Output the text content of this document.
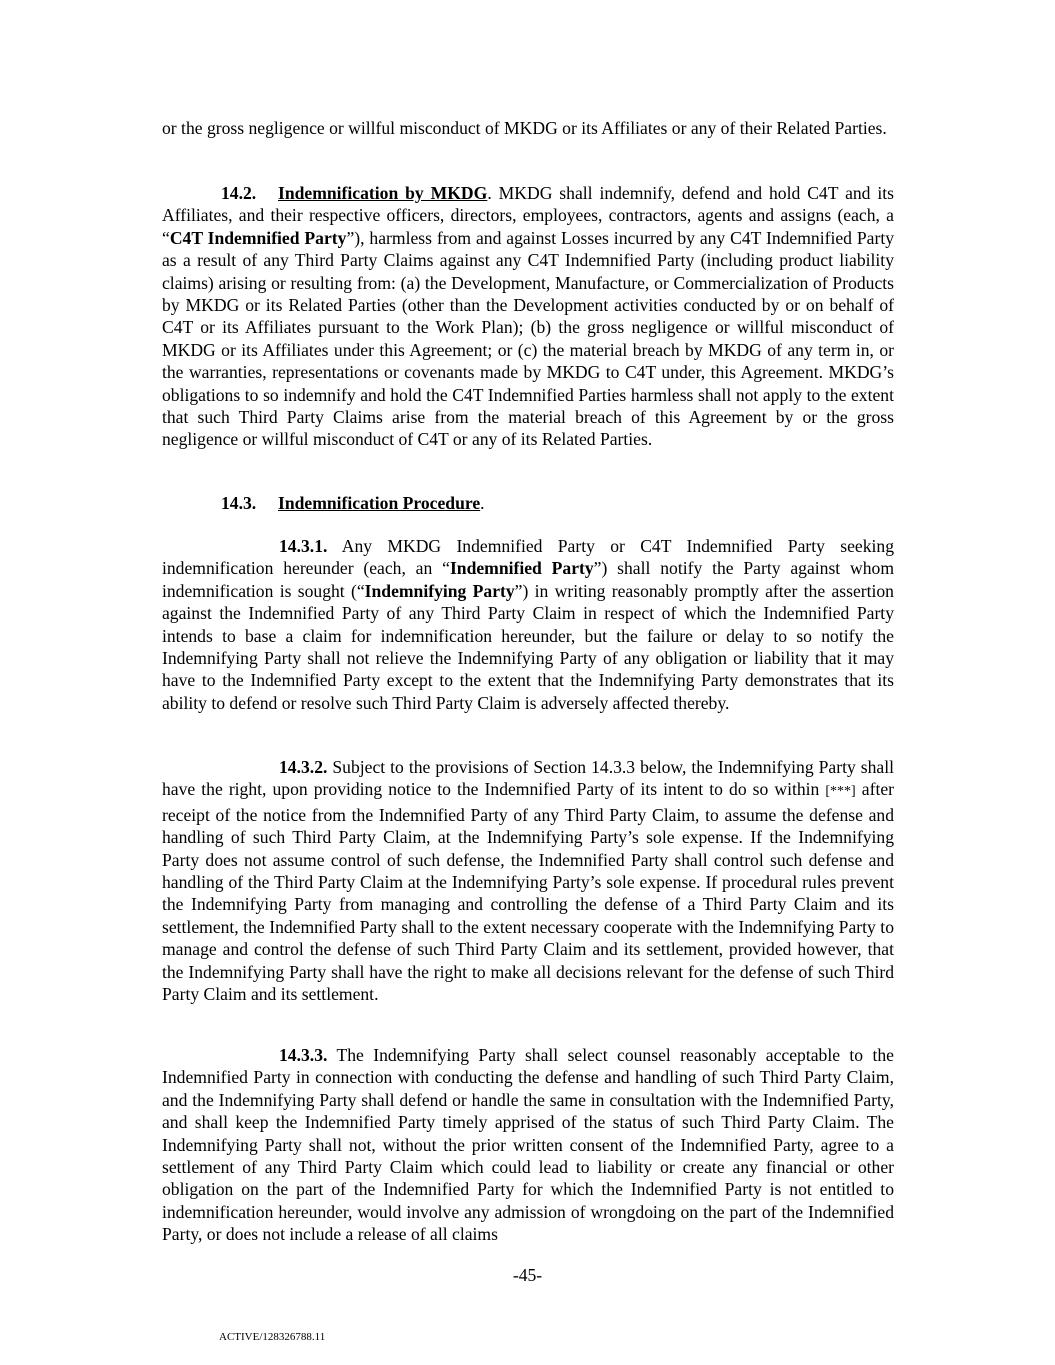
or the gross negligence or willful misconduct of MKDG or its Affiliates or any of their Related Parties.

14.2. Indemnification by MKDG. MKDG shall indemnify, defend and hold C4T and its Affiliates, and their respective officers, directors, employees, contractors, agents and assigns (each, a “C4T Indemnified Party”), harmless from and against Losses incurred by any C4T Indemnified Party as a result of any Third Party Claims against any C4T Indemnified Party (including product liability claims) arising or resulting from: (a) the Development, Manufacture, or Commercialization of Products by MKDG or its Related Parties (other than the Development activities conducted by or on behalf of C4T or its Affiliates pursuant to the Work Plan); (b) the gross negligence or willful misconduct of MKDG or its Affiliates under this Agreement; or (c) the material breach by MKDG of any term in, or the warranties, representations or covenants made by MKDG to C4T under, this Agreement. MKDG’s obligations to so indemnify and hold the C4T Indemnified Parties harmless shall not apply to the extent that such Third Party Claims arise from the material breach of this Agreement by or the gross negligence or willful misconduct of C4T or any of its Related Parties.

14.3. Indemnification Procedure.

14.3.1. Any MKDG Indemnified Party or C4T Indemnified Party seeking indemnification hereunder (each, an “Indemnified Party”) shall notify the Party against whom indemnification is sought (“Indemnifying Party”) in writing reasonably promptly after the assertion against the Indemnified Party of any Third Party Claim in respect of which the Indemnified Party intends to base a claim for indemnification hereunder, but the failure or delay to so notify the Indemnifying Party shall not relieve the Indemnifying Party of any obligation or liability that it may have to the Indemnified Party except to the extent that the Indemnifying Party demonstrates that its ability to defend or resolve such Third Party Claim is adversely affected thereby.

14.3.2. Subject to the provisions of Section 14.3.3 below, the Indemnifying Party shall have the right, upon providing notice to the Indemnified Party of its intent to do so within [***] after receipt of the notice from the Indemnified Party of any Third Party Claim, to assume the defense and handling of such Third Party Claim, at the Indemnifying Party’s sole expense. If the Indemnifying Party does not assume control of such defense, the Indemnified Party shall control such defense and handling of the Third Party Claim at the Indemnifying Party’s sole expense. If procedural rules prevent the Indemnifying Party from managing and controlling the defense of a Third Party Claim and its settlement, the Indemnified Party shall to the extent necessary cooperate with the Indemnifying Party to manage and control the defense of such Third Party Claim and its settlement, provided however, that the Indemnifying Party shall have the right to make all decisions relevant for the defense of such Third Party Claim and its settlement.

14.3.3. The Indemnifying Party shall select counsel reasonably acceptable to the Indemnified Party in connection with conducting the defense and handling of such Third Party Claim, and the Indemnifying Party shall defend or handle the same in consultation with the Indemnified Party, and shall keep the Indemnified Party timely apprised of the status of such Third Party Claim. The Indemnifying Party shall not, without the prior written consent of the Indemnified Party, agree to a settlement of any Third Party Claim which could lead to liability or create any financial or other obligation on the part of the Indemnified Party for which the Indemnified Party is not entitled to indemnification hereunder, would involve any admission of wrongdoing on the part of the Indemnified Party, or does not include a release of all claims

-45-
ACTIVE/128326788.11
